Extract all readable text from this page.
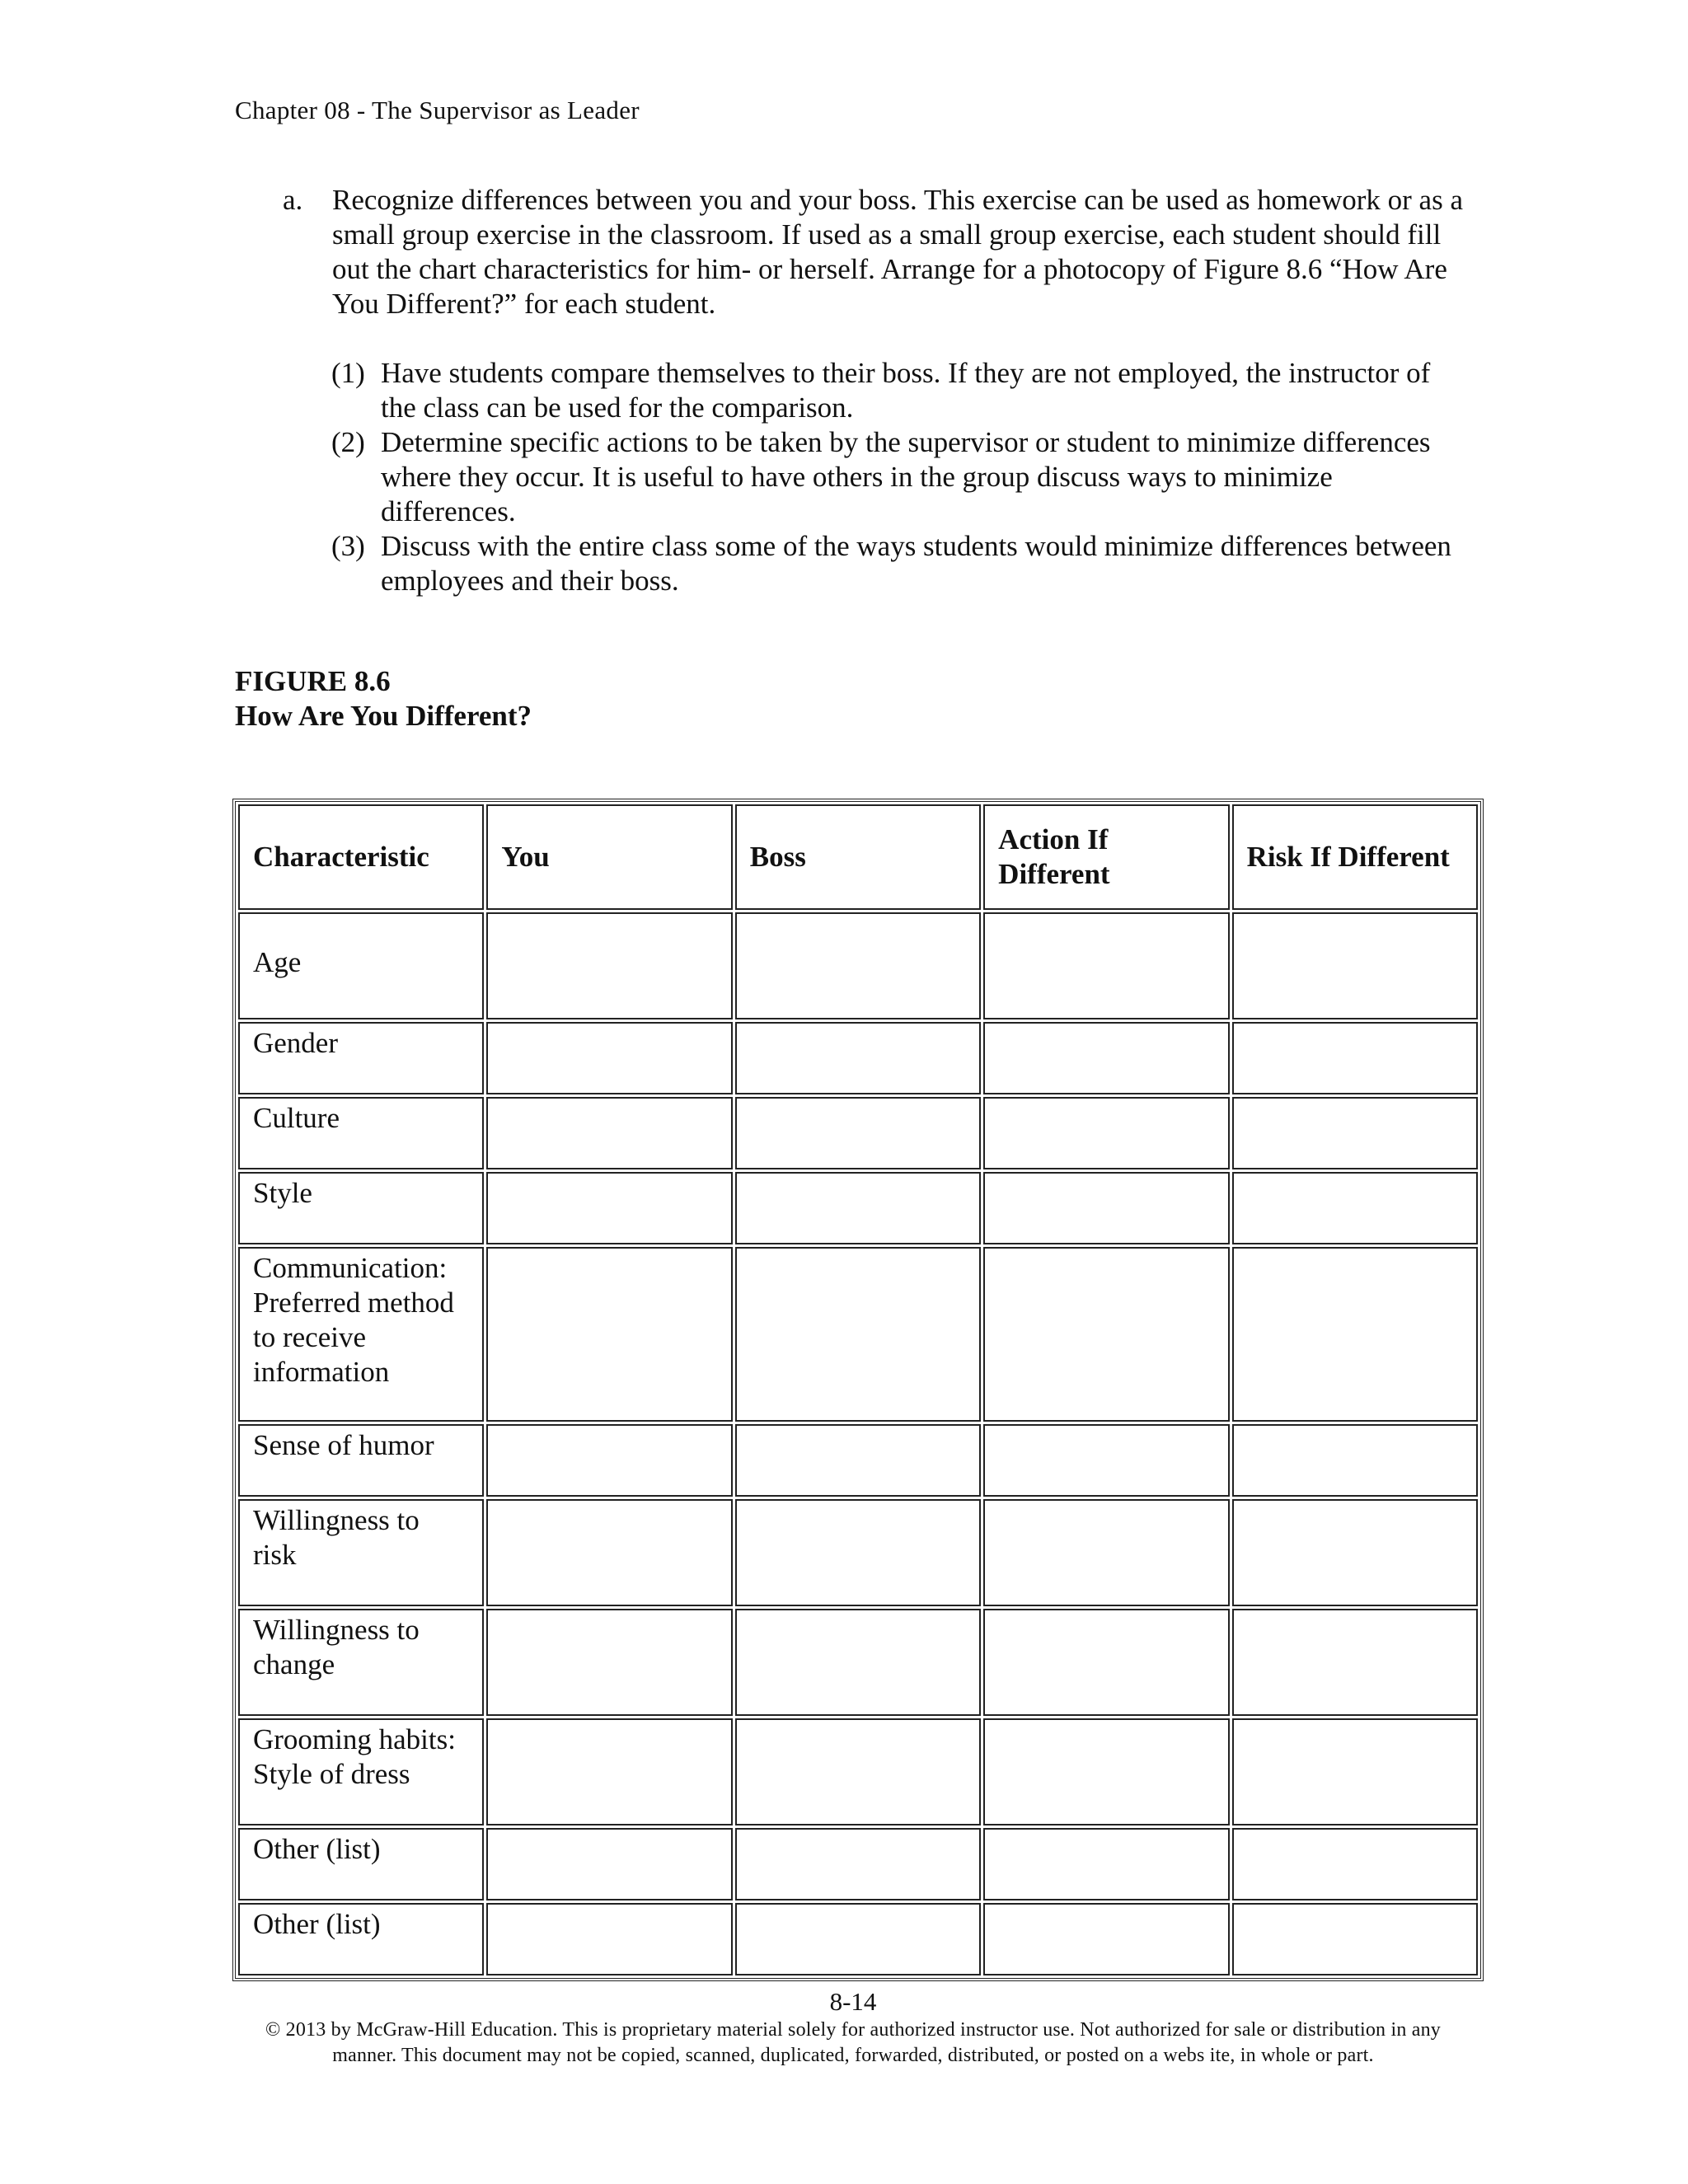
Chapter 08 - The Supervisor as Leader
a. Recognize differences between you and your boss. This exercise can be used as homework or as a small group exercise in the classroom. If used as a small group exercise, each student should fill out the chart characteristics for him- or herself. Arrange for a photocopy of Figure 8.6 “How Are You Different?” for each student.
(1) Have students compare themselves to their boss. If they are not employed, the instructor of the class can be used for the comparison.
(2) Determine specific actions to be taken by the supervisor or student to minimize differences where they occur. It is useful to have others in the group discuss ways to minimize differences.
(3) Discuss with the entire class some of the ways students would minimize differences between employees and their boss.
FIGURE 8.6
How Are You Different?
Characteristic	You	Boss	Action If Different	Risk If Different
Age				
Gender				
Culture				
Style				
Communication: Preferred method to receive information				
Sense of humor				
Willingness to risk				
Willingness to change				
Grooming habits: Style of dress				
Other (list)				
Other (list)				
8-14
© 2013 by McGraw-Hill Education. This is proprietary material solely for authorized instructor use. Not authorized for sale or distribution in any manner. This document may not be copied, scanned, duplicated, forwarded, distributed, or posted on a webs ite, in whole or part.
